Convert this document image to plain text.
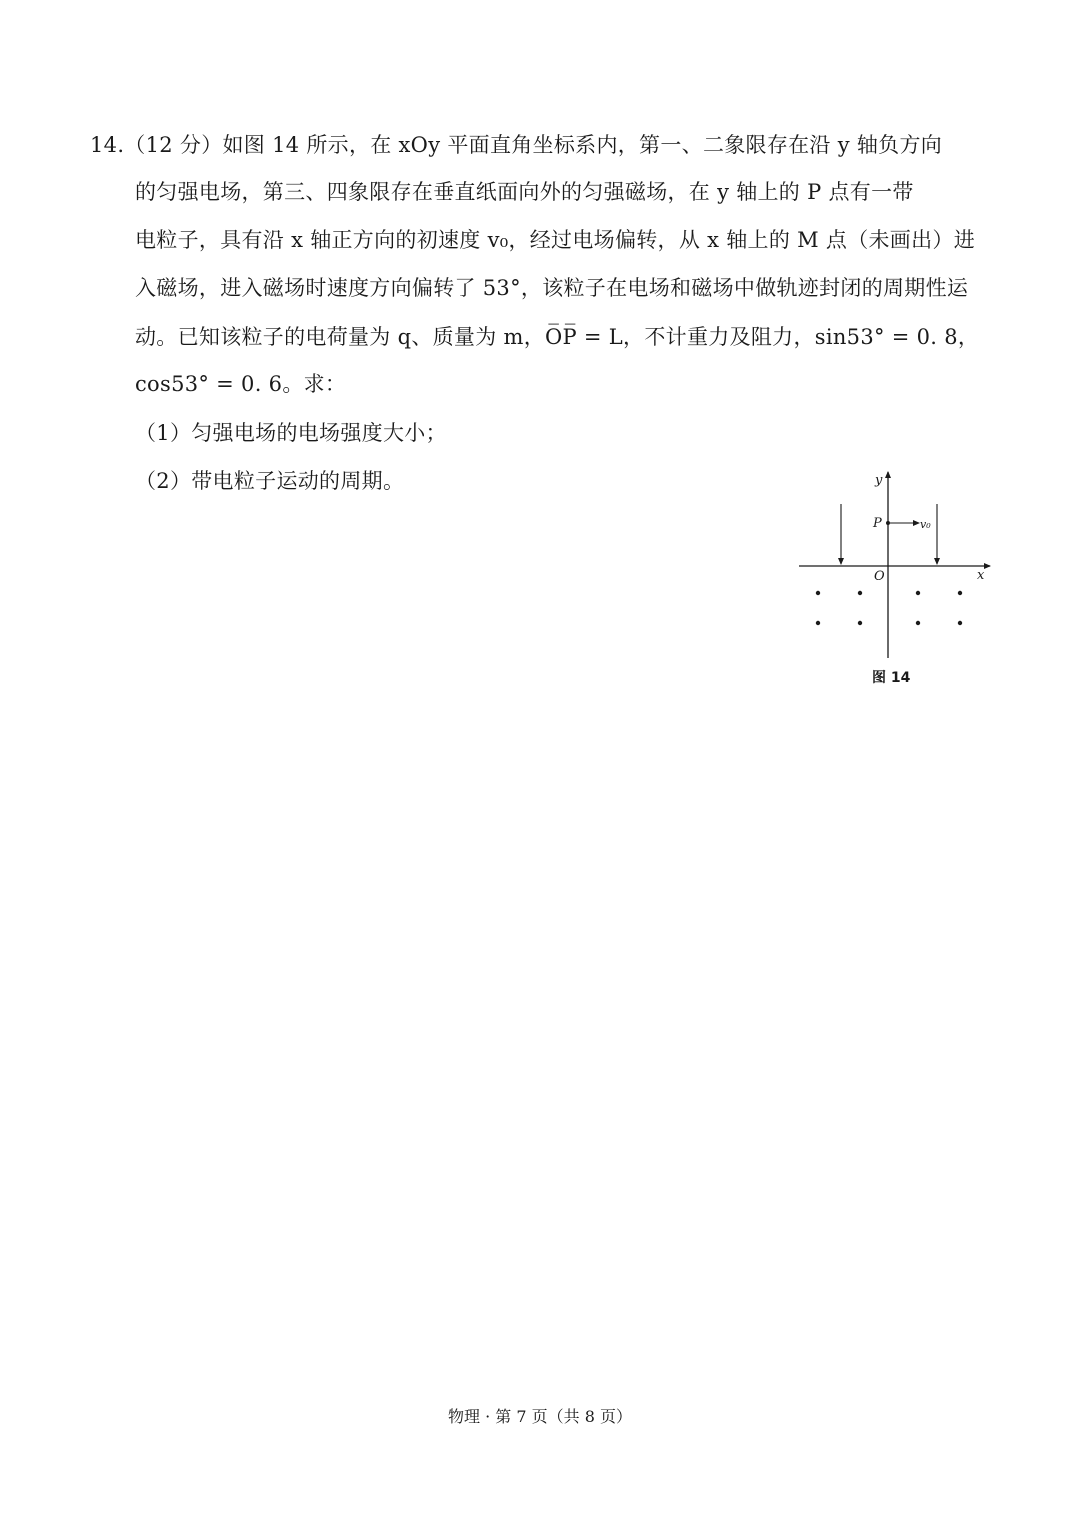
14.（12 分）如图 14 所示，在 xOy 平面直角坐标系内，第一、二象限存在沿 y 轴负方向
的匀强电场，第三、四象限存在垂直纸面向外的匀强磁场，在 y 轴上的 P 点有一带
电粒子，具有沿 x 轴正方向的初速度 v₀，经过电场偏转，从 x 轴上的 M 点（未画出）进
入磁场，进入磁场时速度方向偏转了 53°，该粒子在电场和磁场中做轨迹封闭的周期性运
动。已知该粒子的电荷量为 q、质量为 m，O̅P̅ = L，不计重力及阻力，sin53° = 0. 8，
cos53° = 0. 6。求：
（1）匀强电场的电场强度大小；
（2）带电粒子运动的周期。	y
x
O
P	v₀
图 14
物理 · 第 7 页（共 8 页）
